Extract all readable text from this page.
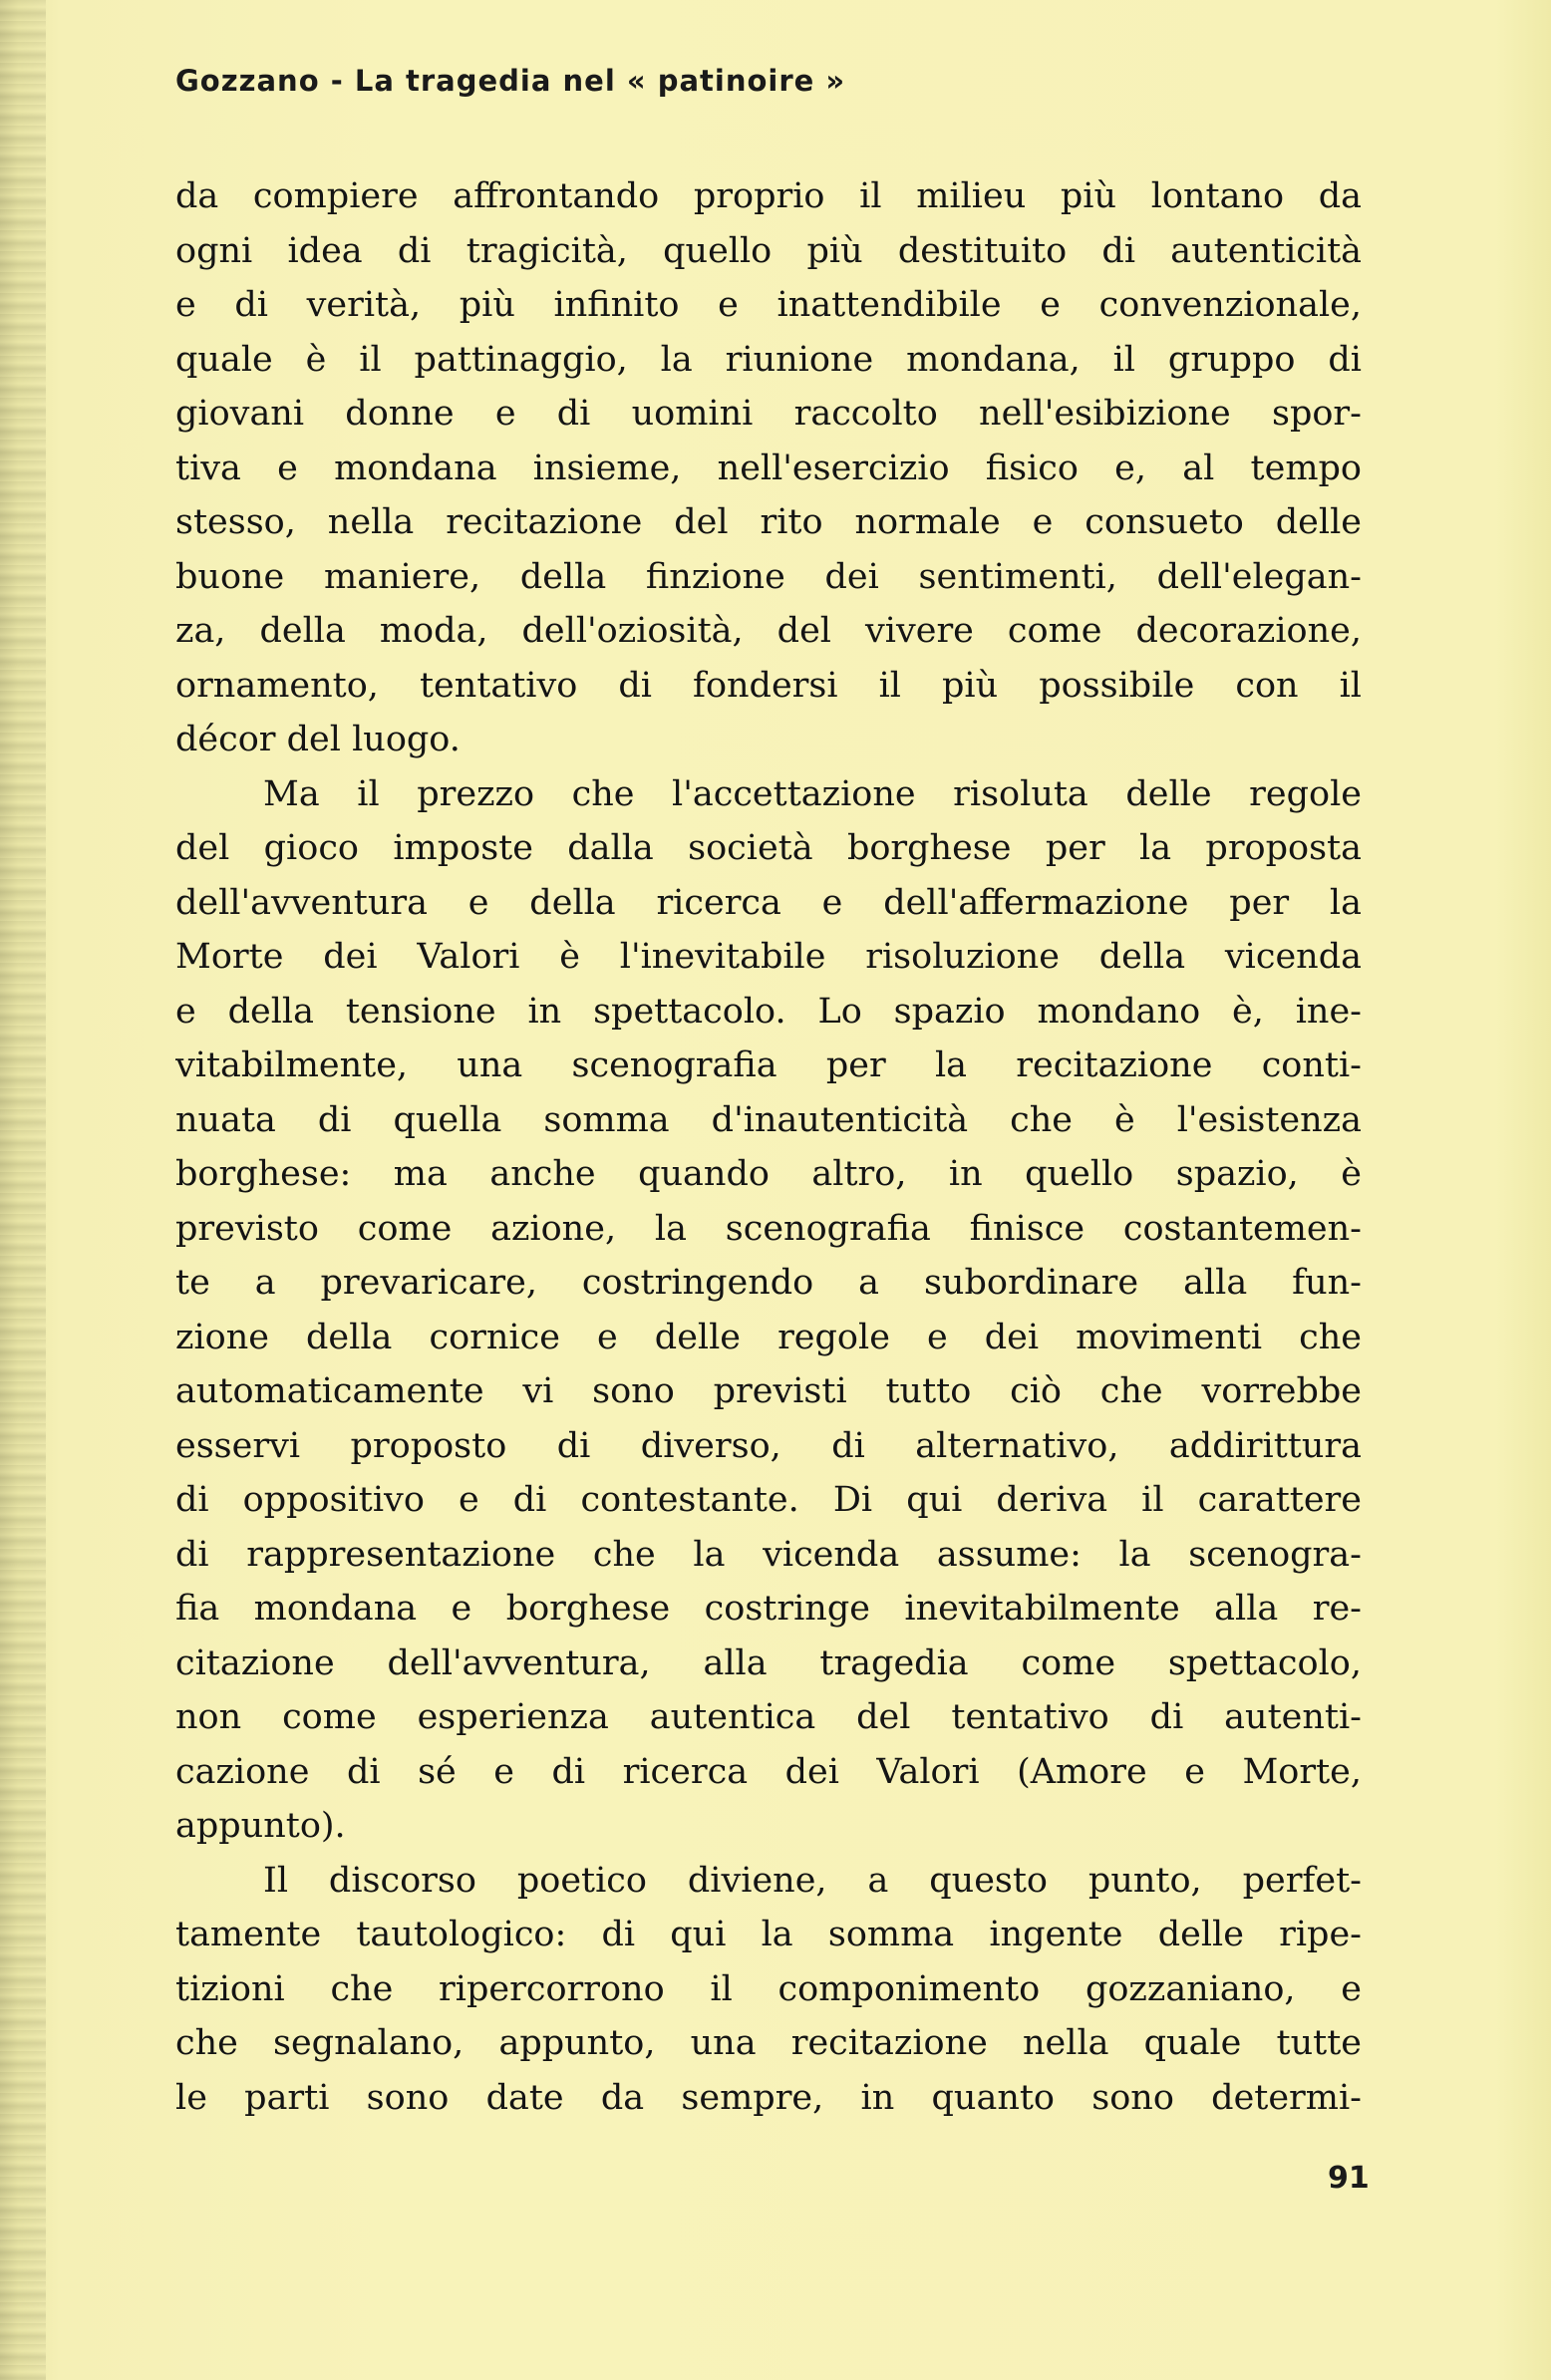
Gozzano - La tragedia nel « patinoire »
da compiere affrontando proprio il milieu più lontano da
ogni idea di tragicità, quello più destituito di autenticità
e di verità, più infinito e inattendibile e convenzionale,
quale è il pattinaggio, la riunione mondana, il gruppo di
giovani donne e di uomini raccolto nell'esibizione spor-
tiva e mondana insieme, nell'esercizio fisico e, al tempo
stesso, nella recitazione del rito normale e consueto delle
buone maniere, della finzione dei sentimenti, dell'elegan-
za, della moda, dell'oziosità, del vivere come decorazione,
ornamento, tentativo di fondersi il più possibile con il
décor del luogo.
Ma il prezzo che l'accettazione risoluta delle regole
del gioco imposte dalla società borghese per la proposta
dell'avventura e della ricerca e dell'affermazione per la
Morte dei Valori è l'inevitabile risoluzione della vicenda
e della tensione in spettacolo. Lo spazio mondano è, ine-
vitabilmente, una scenografia per la recitazione conti-
nuata di quella somma d'inautenticità che è l'esistenza
borghese: ma anche quando altro, in quello spazio, è
previsto come azione, la scenografia finisce costantemen-
te a prevaricare, costringendo a subordinare alla fun-
zione della cornice e delle regole e dei movimenti che
automaticamente vi sono previsti tutto ciò che vorrebbe
esservi proposto di diverso, di alternativo, addirittura
di oppositivo e di contestante. Di qui deriva il carattere
di rappresentazione che la vicenda assume: la scenogra-
fia mondana e borghese costringe inevitabilmente alla re-
citazione dell'avventura, alla tragedia come spettacolo,
non come esperienza autentica del tentativo di autenti-
cazione di sé e di ricerca dei Valori (Amore e Morte,
appunto).
Il discorso poetico diviene, a questo punto, perfet-
tamente tautologico: di qui la somma ingente delle ripe-
tizioni che ripercorrono il componimento gozzaniano, e
che segnalano, appunto, una recitazione nella quale tutte
le parti sono date da sempre, in quanto sono determi-
91
